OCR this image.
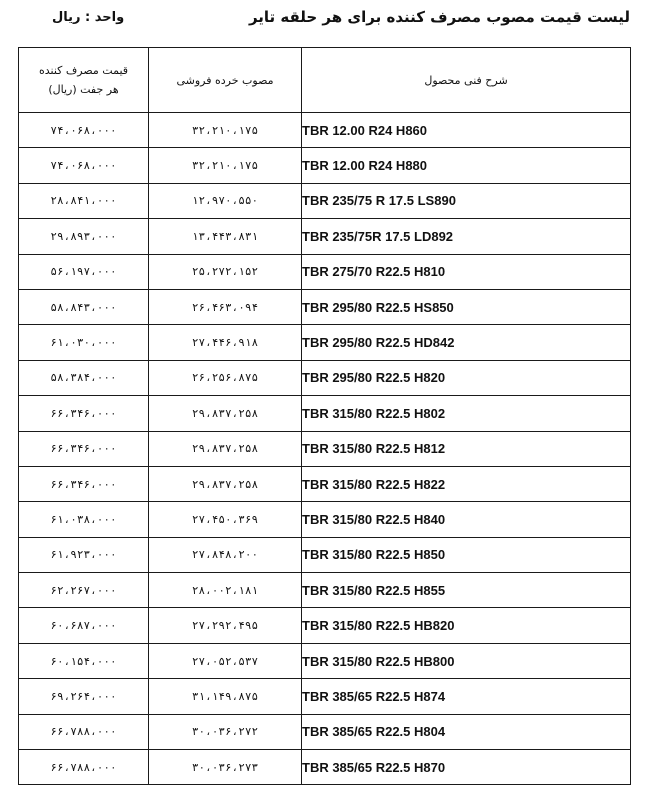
لیست قیمت مصوب مصرف کننده برای هر حلقه تایر
واحد : ریال
قیمت مصرف کننده
هر جفت (ریال)	مصوب خرده فروشی	شرح فنی محصول
۷۴،۰۶۸،۰۰۰	۳۲،۲۱۰،۱۷۵	TBR 12.00 R24 H860
۷۴،۰۶۸،۰۰۰	۳۲،۲۱۰،۱۷۵	TBR 12.00 R24 H880
۲۸،۸۴۱،۰۰۰	۱۲،۹۷۰،۵۵۰	TBR 235/75 R 17.5 LS890
۲۹،۸۹۳،۰۰۰	۱۳،۴۴۳،۸۳۱	TBR 235/75R 17.5 LD892
۵۶،۱۹۷،۰۰۰	۲۵،۲۷۲،۱۵۲	TBR 275/70 R22.5 H810
۵۸،۸۴۳،۰۰۰	۲۶،۴۶۳،۰۹۴	TBR 295/80 R22.5 HS850
۶۱،۰۳۰،۰۰۰	۲۷،۴۴۶،۹۱۸	TBR 295/80 R22.5 HD842
۵۸،۳۸۴،۰۰۰	۲۶،۲۵۶،۸۷۵	TBR 295/80 R22.5 H820
۶۶،۳۴۶،۰۰۰	۲۹،۸۳۷،۲۵۸	TBR 315/80 R22.5 H802
۶۶،۳۴۶،۰۰۰	۲۹،۸۳۷،۲۵۸	TBR 315/80 R22.5 H812
۶۶،۳۴۶،۰۰۰	۲۹،۸۳۷،۲۵۸	TBR 315/80 R22.5 H822
۶۱،۰۳۸،۰۰۰	۲۷،۴۵۰،۳۶۹	TBR 315/80 R22.5 H840
۶۱،۹۲۳،۰۰۰	۲۷،۸۴۸،۲۰۰	TBR 315/80 R22.5 H850
۶۲،۲۶۷،۰۰۰	۲۸،۰۰۲،۱۸۱	TBR 315/80 R22.5 H855
۶۰،۶۸۷،۰۰۰	۲۷،۲۹۲،۴۹۵	TBR 315/80 R22.5 HB820
۶۰،۱۵۴،۰۰۰	۲۷،۰۵۲،۵۳۷	TBR 315/80 R22.5 HB800
۶۹،۲۶۴،۰۰۰	۳۱،۱۴۹،۸۷۵	TBR 385/65 R22.5 H874
۶۶،۷۸۸،۰۰۰	۳۰،۰۳۶،۲۷۲	TBR 385/65 R22.5 H804
۶۶،۷۸۸،۰۰۰	۳۰،۰۳۶،۲۷۳	TBR 385/65 R22.5 H870
